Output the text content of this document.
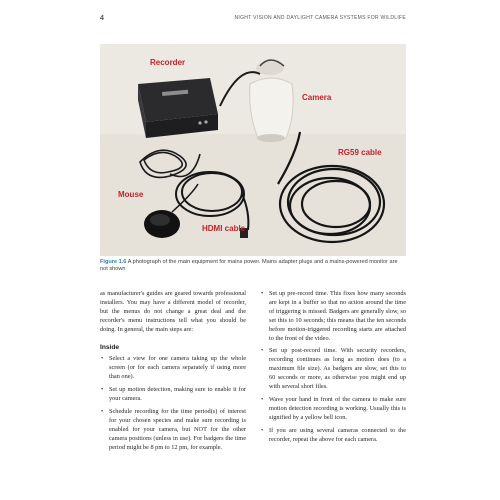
4	NIGHT VISION AND DAYLIGHT CAMERA SYSTEMS FOR WILDLIFE
Recorder
Camera
RG59 cable
Mouse
HDMI cable
Figure 1.6 A photograph of the main equipment for mains power. Mains adapter plugs and a mains-powered monitor are not shown

as manufacturer's guides are geared towards professional installers. You may have a different model of recorder, but the menus do not change a great deal and the recorder's menu instructions tell what you should be doing. In general, the main steps are:

Inside
• Select a view for one camera taking up the whole screen (or for each camera separately if using more than one).
• Set up motion detection, making sure to enable it for your camera.
• Schedule recording for the time period(s) of interest for your chosen species and make sure recording is enabled for your camera, but NOT for the other camera positions (unless in use). For badgers the time period might be 8 pm to 12 pm, for example.
• Set up pre-record time. This fixes how many seconds are kept in a buffer so that no action around the time of triggering is missed. Badgers are generally slow, so set this to 10 seconds; this means that the ten seconds before motion-triggered recording starts are attached to the front of the video.
• Set up post-record time. With security recorders, recording continues as long as motion does (to a maximum file size). As badgers are slow, set this to 60 seconds or more, as otherwise you might end up with several short files.
• Wave your hand in front of the camera to make sure motion detection recording is working. Usually this is signified by a yellow bell icon.
• If you are using several cameras connected to the recorder, repeat the above for each camera.
